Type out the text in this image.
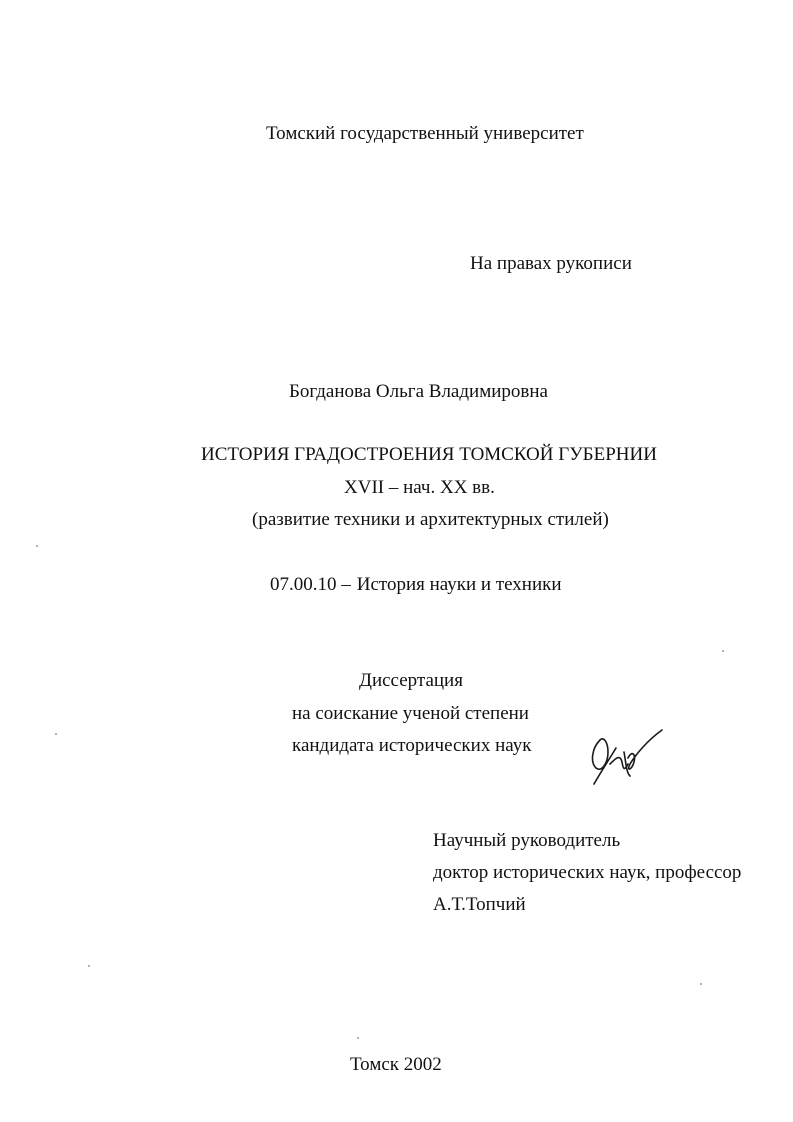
Томский государственный университет
На правах рукописи
Богданова Ольга Владимировна
ИСТОРИЯ ГРАДОСТРОЕНИЯ ТОМСКОЙ ГУБЕРНИИ
XVII – нач. XX вв.
(развитие техники и архитектурных стилей)
07.00.10 – История науки и техники
Диссертация
на соискание ученой степени
кандидата исторических наук
Научный руководитель
доктор исторических наук, профессор
А.Т.Топчий
Томск 2002
